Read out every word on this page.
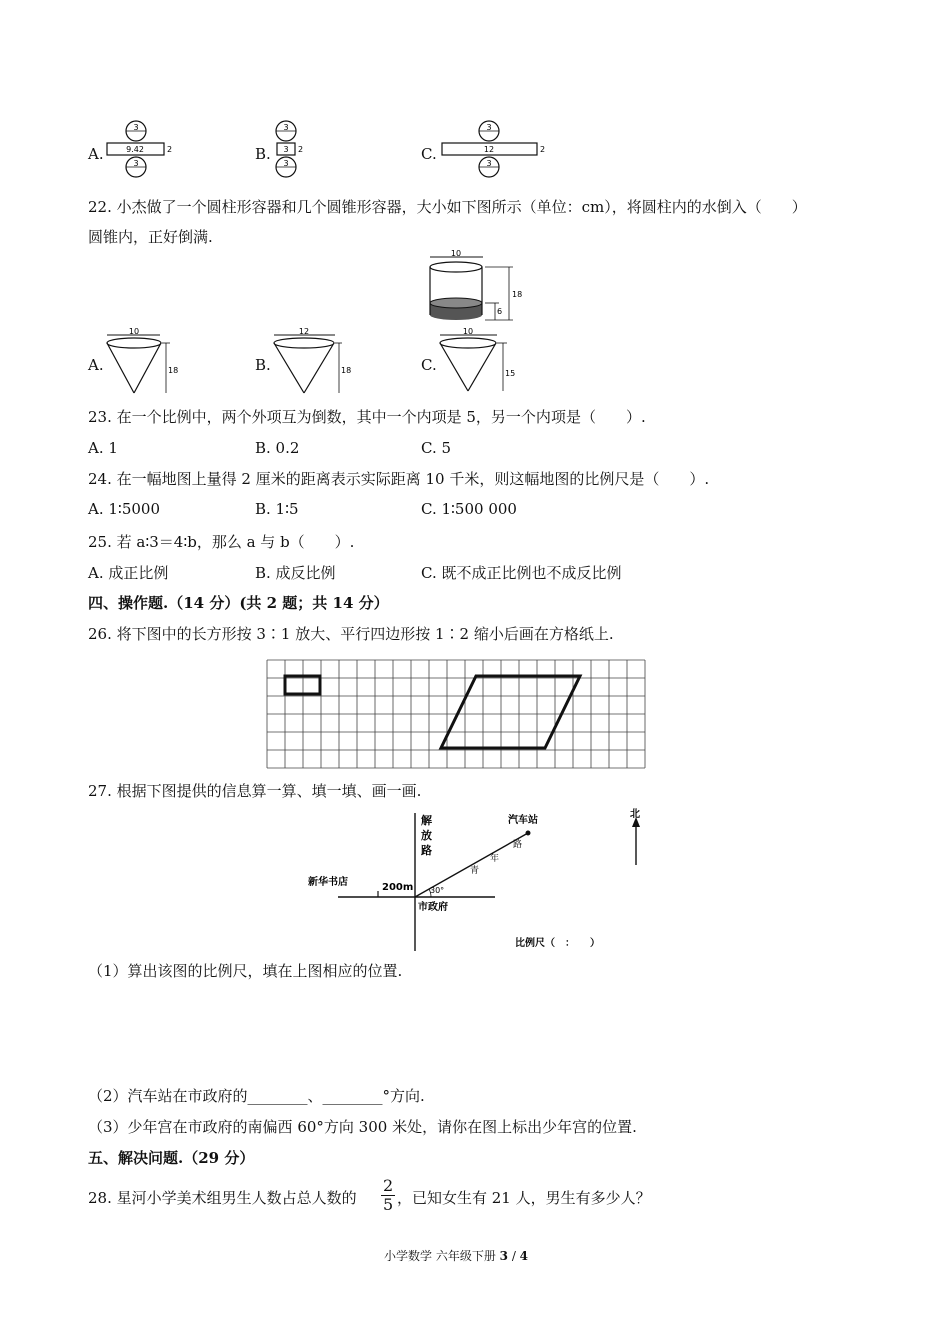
A.
3
9.42	2
3
B.
3
3 2
3
C.
3
12	2
3
22. 小杰做了一个圆柱形容器和几个圆锥形容器，大小如下图所示（单位：cm），将圆柱内的水倒入（　　）
圆锥内，正好倒满.
10
18
6
A.
10
18	B.
12
18	C.
10
15
23. 在一个比例中，两个外项互为倒数，其中一个内项是 5，另一个内项是（　　）.
A. 1	B. 0.2	C. 5
24. 在一幅地图上量得 2 厘米的距离表示实际距离 10 千米，则这幅地图的比例尺是（　　）.
A. 1∶5000	B. 1∶5	C. 1∶500 000
25. 若 a∶3＝4∶b，那么 a 与 b（　　）.
A. 成正比例	B. 成反比例	C. 既不成正比例也不成反比例
四、操作题.（14 分）(共 2 题；共 14 分）
26. 将下图中的长方形按 3∶1 放大、平行四边形按 1∶2 缩小后画在方格纸上.
27. 根据下图提供的信息算一算、填一填、画一画.
解
放
路
汽车站
北
新华书店	200m 30°
市政府
青
年
路
比例尺（　：　　）
（1）算出该图的比例尺，填在上图相应的位置.
（2）汽车站在市政府的________、________°方向.
（3）少年宫在市政府的南偏西 60°方向 300 米处，请你在图上标出少年宫的位置.
五、解决问题.（29 分）
28. 星河小学美术组男生人数占总人数的 $\frac{2}{5}$ ，已知女生有 21 人，男生有多少人？
小学数学 六年级下册 3 / 4
